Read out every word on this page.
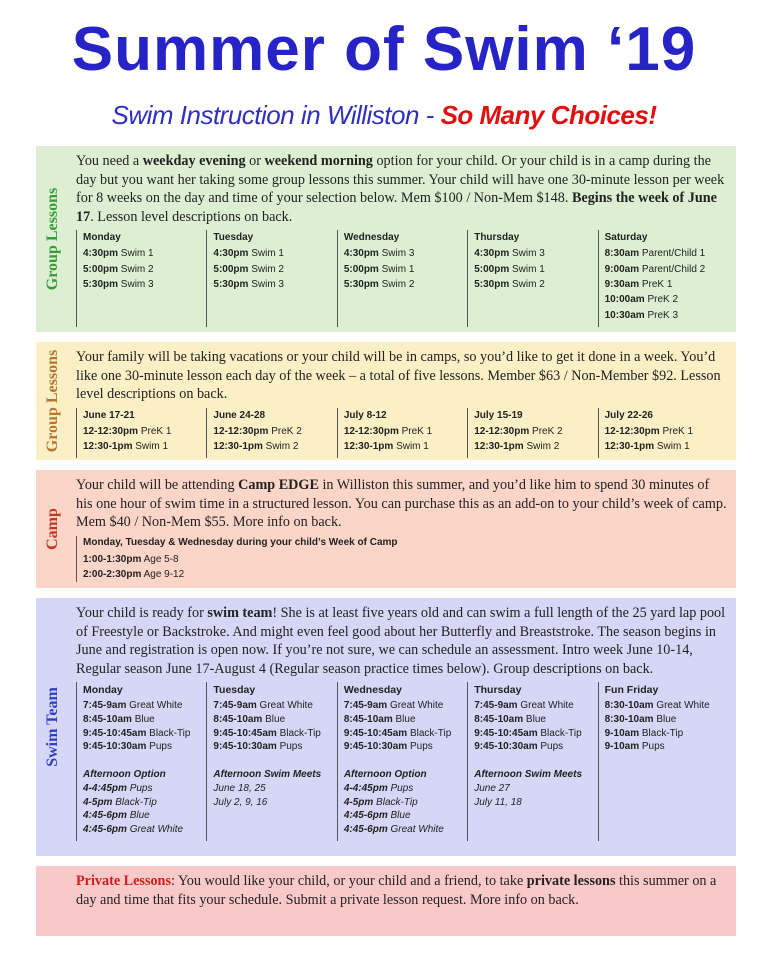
Summer of Swim ‘19
Swim Instruction in Williston - So Many Choices!
Group Lessons
You need a weekday evening or weekend morning option for your child. Or your child is in a camp during the day but you want her taking some group lessons this summer. Your child will have one 30-minute lesson per week for 8 weeks on the day and time of your selection below. Mem $100 / Non-Mem $148. Begins the week of June 17. Lesson level descriptions on back.
Monday
4:30pm Swim 1
5:00pm Swim 2
5:30pm Swim 3
Tuesday
4:30pm Swim 1
5:00pm Swim 2
5:30pm Swim 3
Wednesday
4:30pm Swim 3
5:00pm Swim 1
5:30pm Swim 2
Thursday
4:30pm Swim 3
5:00pm Swim 1
5:30pm Swim 2
Saturday
8:30am Parent/Child 1
9:00am Parent/Child 2
9:30am PreK 1
10:00am PreK 2
10:30am PreK 3
Group Lessons Your family will be taking vacations or your child will be in camps, so you’d like to get it done in a week. You’d like one 30-minute lesson each day of the week – a total of five lessons. Member $63 / Non-Member $92. Lesson level descriptions on back.
June 17-21
12-12:30pm PreK 1
12:30-1pm Swim 1
June 24-28
12-12:30pm PreK 2
12:30-1pm Swim 2
July 8-12
12-12:30pm PreK 1
12:30-1pm Swim 1
July 15-19
12-12:30pm PreK 2
12:30-1pm Swim 2
July 22-26
12-12:30pm PreK 1
12:30-1pm Swim 1
Camp
Your child will be attending Camp EDGE in Williston this summer, and you’d like him to spend 30 minutes of his one hour of swim time in a structured lesson. You can purchase this as an add-on to your child’s week of camp. Mem $40 / Non-Mem $55. More info on back.
Monday, Tuesday & Wednesday during your child’s Week of Camp
1:00-1:30pm Age 5-8
2:00-2:30pm Age 9-12
Swim Team
Your child is ready for swim team! She is at least five years old and can swim a full length of the 25 yard lap pool of Freestyle or Backstroke. And might even feel good about her Butterfly and Breaststroke. The season begins in June and registration is open now. If you’re not sure, we can schedule an assessment. Intro week June 10-14, Regular season June 17-August 4 (Regular season practice times below). Group descriptions on back.
Monday
7:45-9am Great White
8:45-10am Blue
9:45-10:45am Black-Tip
9:45-10:30am Pups
Afternoon Option
4-4:45pm Pups
4-5pm Black-Tip
4:45-6pm Blue
4:45-6pm Great White
Tuesday
7:45-9am Great White
8:45-10am Blue
9:45-10:45am Black-Tip
9:45-10:30am Pups
Afternoon Swim Meets
June 18, 25
July 2, 9, 16
Wednesday
7:45-9am Great White
8:45-10am Blue
9:45-10:45am Black-Tip
9:45-10:30am Pups
Afternoon Option
4-4:45pm Pups
4-5pm Black-Tip
4:45-6pm Blue
4:45-6pm Great White
Thursday
7:45-9am Great White
8:45-10am Blue
9:45-10:45am Black-Tip
9:45-10:30am Pups
Afternoon Swim Meets
June 27
July 11, 18
Fun Friday
8:30-10am Great White
8:30-10am Blue
9-10am Black-Tip
9-10am Pups
Private Lessons: You would like your child, or your child and a friend, to take private lessons this summer on a day and time that fits your schedule. Submit a private lesson request. More info on back.
